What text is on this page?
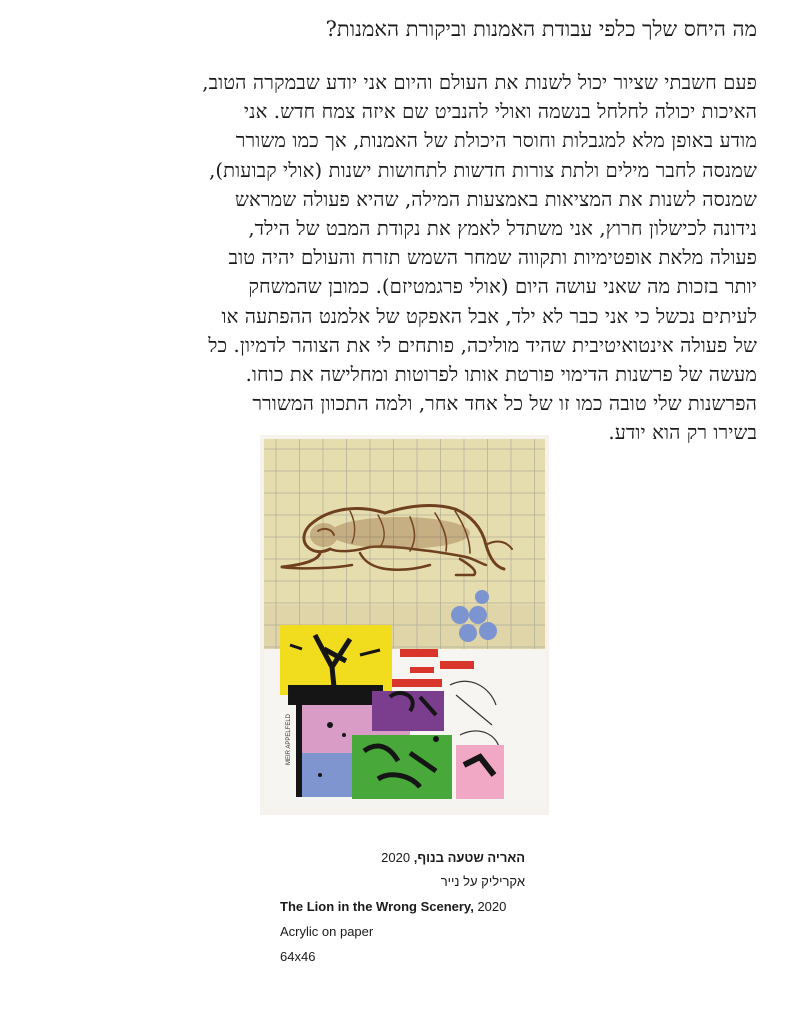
מה היחס שלך כלפי עבודת האמנות וביקורת האמנות?
פעם חשבתי שציור יכול לשנות את העולם והיום אני יודע שבמקרה הטוב,
האיכות יכולה לחלחל בנשמה ואולי להנביט שם איזה צמח חדש. אני
מודע באופן מלא למגבלות וחוסר היכולת של האמנות, אך כמו משורר
שמנסה לחבר מילים ולתת צורות חדשות לתחושות ישנות (אולי קבועות),
שמנסה לשנות את המציאות באמצעות המילה, שהיא פעולה שמראש
נידונה לכישלון חרוץ, אני משתדל לאמץ את נקודת המבט של הילד,
פעולה מלאת אופטימיות ותקווה שמחר השמש תזרח והעולם יהיה טוב
יותר בזכות מה שאני עושה היום (אולי פרגמטיזם). כמובן שהמשחק
לעיתים נכשל כי אני כבר לא ילד, אבל האפקט של אלמנט ההפתעה או
של פעולה אינטואיטיבית שהיד מוליכה, פותחים לי את הצוהר לדמיון. כל
מעשה של פרשנות הדימוי פורטת אותו לפרוטות ומחלישה את כוחו.
הפרשנות שלי טובה כמו זו של כל אחד אחר, ולמה התכוון המשורר
בשירו רק הוא יודע.
MEIR APPELFELD
האריה שטעה בנוף, 2020
אקריליק על נייר
The Lion in the Wrong Scenery, 2020
Acrylic on paper
64x46
